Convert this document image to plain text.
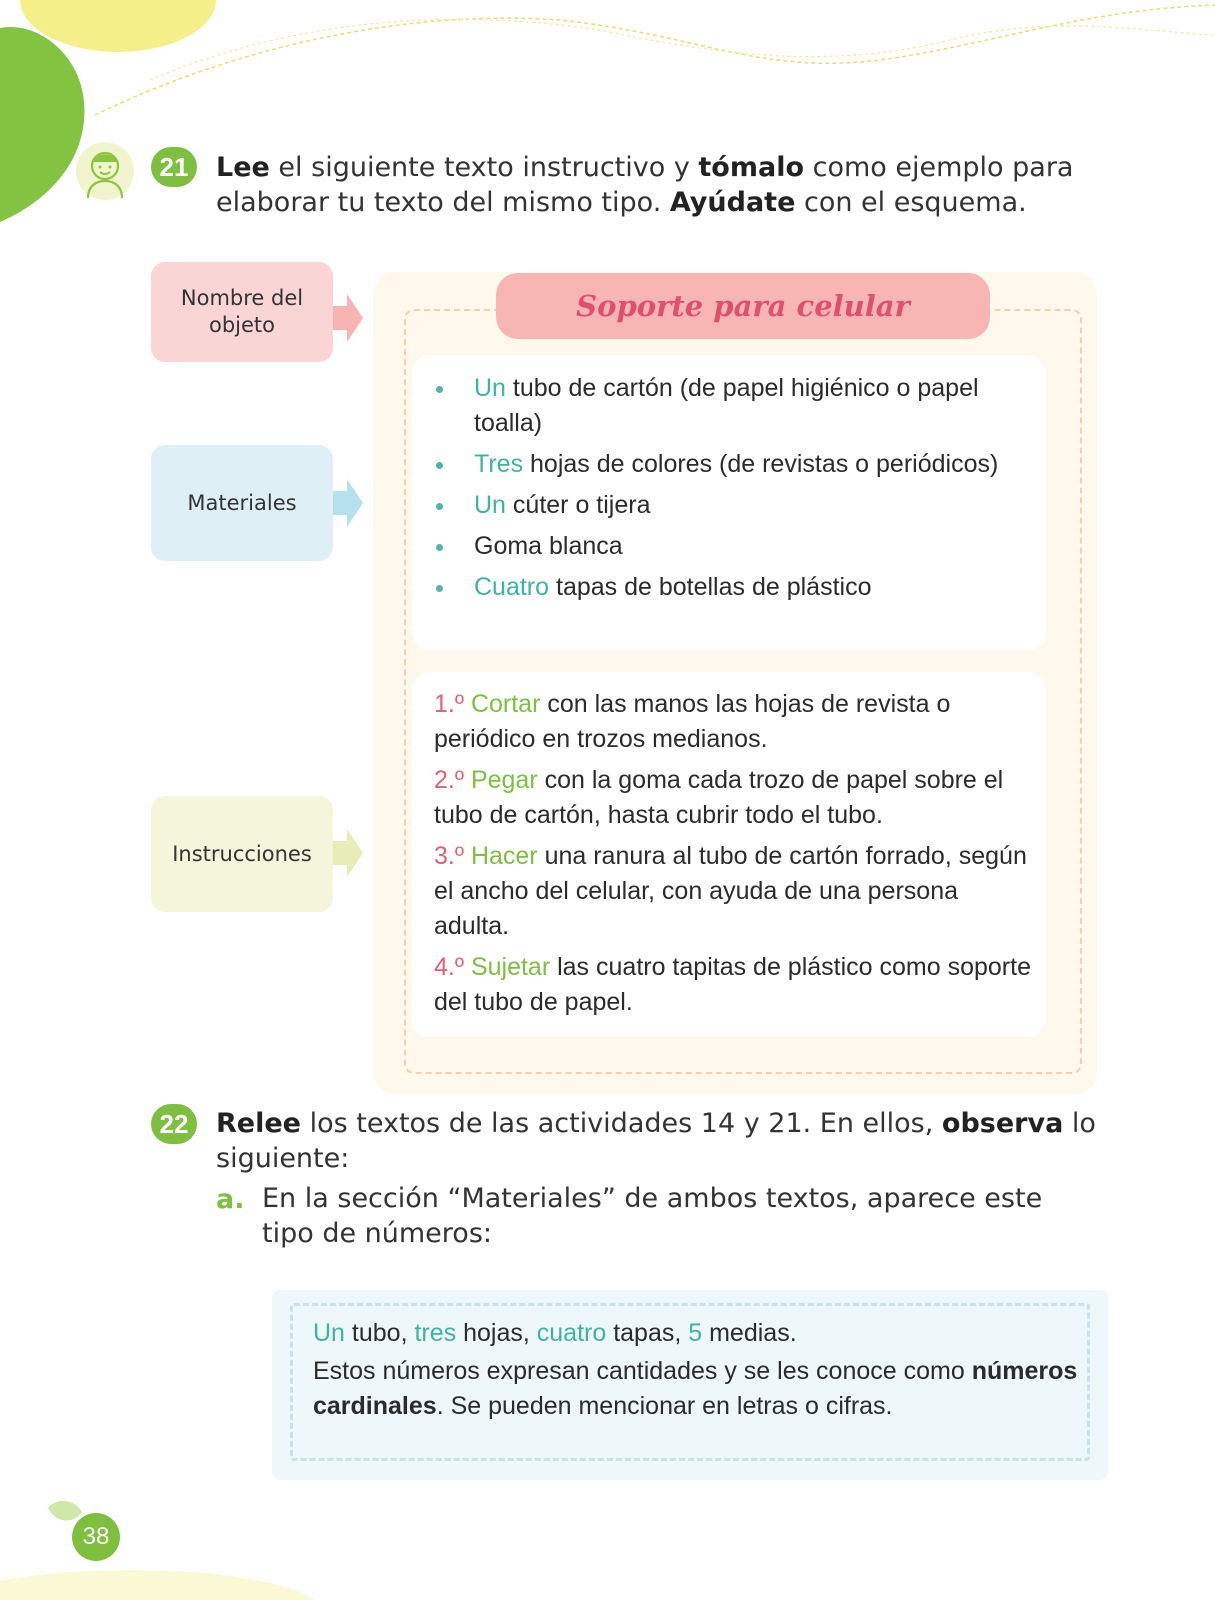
21	Lee el siguiente texto instructivo y tómalo como ejemplo para elaborar tu texto del mismo tipo. Ayúdate con el esquema.
Nombre del
objeto
Materiales
Instrucciones
Soporte para celular
Un tubo de cartón (de papel higiénico o papel toalla)
Tres hojas de colores (de revistas o periódicos)
Un cúter o tijera
Goma blanca
Cuatro tapas de botellas de plástico

1.º Cortar con las manos las hojas de revista o periódico en trozos medianos.

2.º Pegar con la goma cada trozo de papel sobre el tubo de cartón, hasta cubrir todo el tubo.

3.º Hacer una ranura al tubo de cartón forrado, según el ancho del celular, con ayuda de una persona adulta.

4.º Sujetar las cuatro tapitas de plástico como soporte del tubo de papel.

22	Relee los textos de las actividades 14 y 21. En ellos, observa lo siguiente:
a. En la sección “Materiales” de ambos textos, aparece este tipo de números:

Un tubo, tres hojas, cuatro tapas, 5 medias.

Estos números expresan cantidades y se les conoce como números cardinales. Se pueden mencionar en letras o cifras.

38
